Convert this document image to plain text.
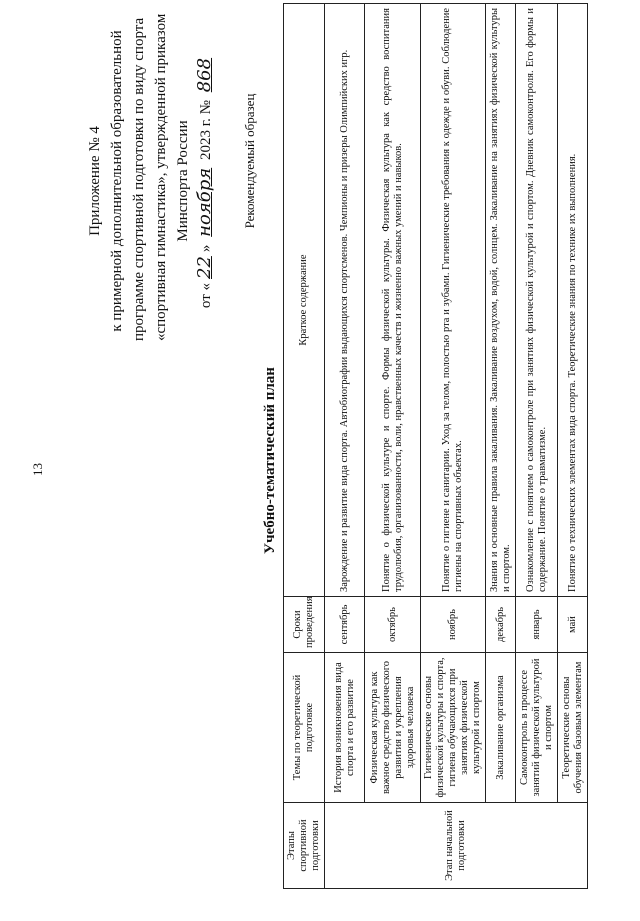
13
Приложение № 4 к примерной дополнительной образовательной программе спортивной подготовки по виду спорта «спортивная гимнастика», утвержденной приказом Минспорта России
от «22» ноября 2023 г. № 868
Рекомендуемый образец
Учебно-тематический план
Этапы спортивной подготовки	Темы по теоретической подготовке	Сроки проведения	Краткое содержание
Этап начальной подготовки	История возникновения вида спорта и его развитие	сентябрь	Зарождение и развитие вида спорта. Автобиографии выдающихся спортсменов. Чемпионы и призеры Олимпийских игр.
	Физическая культура как важное средство физического развития и укрепления здоровья человека	октябрь	Понятие о физической культуре и спорте. Формы физической культуры. Физическая культура как средство воспитания трудолюбия, организованности, воли, нравственных качеств и жизненно важных умений и навыков.
	Гигиенические основы физической культуры и спорта, гигиена обучающихся при занятиях физической культурой и спортом	ноябрь	Понятие о гигиене и санитарии. Уход за телом, полостью рта и зубами. Гигиенические требования к одежде и обуви. Соблюдение гигиены на спортивных объектах.
	Закаливание организма	декабрь	Знания и основные правила закаливания. Закаливание воздухом, водой, солнцем. Закаливание на занятиях физической культуры и спортом.
	Самоконтроль в процессе занятий физической культурой и спортом	январь	Ознакомление с понятием о самоконтроле при занятиях физической культурой и спортом. Дневник самоконтроля. Его формы и содержание. Понятие о травматизме.
	Теоретические основы обучения базовым элементам	май	Понятие о технических элементах вида спорта. Теоретические знания по технике их выполнения.
